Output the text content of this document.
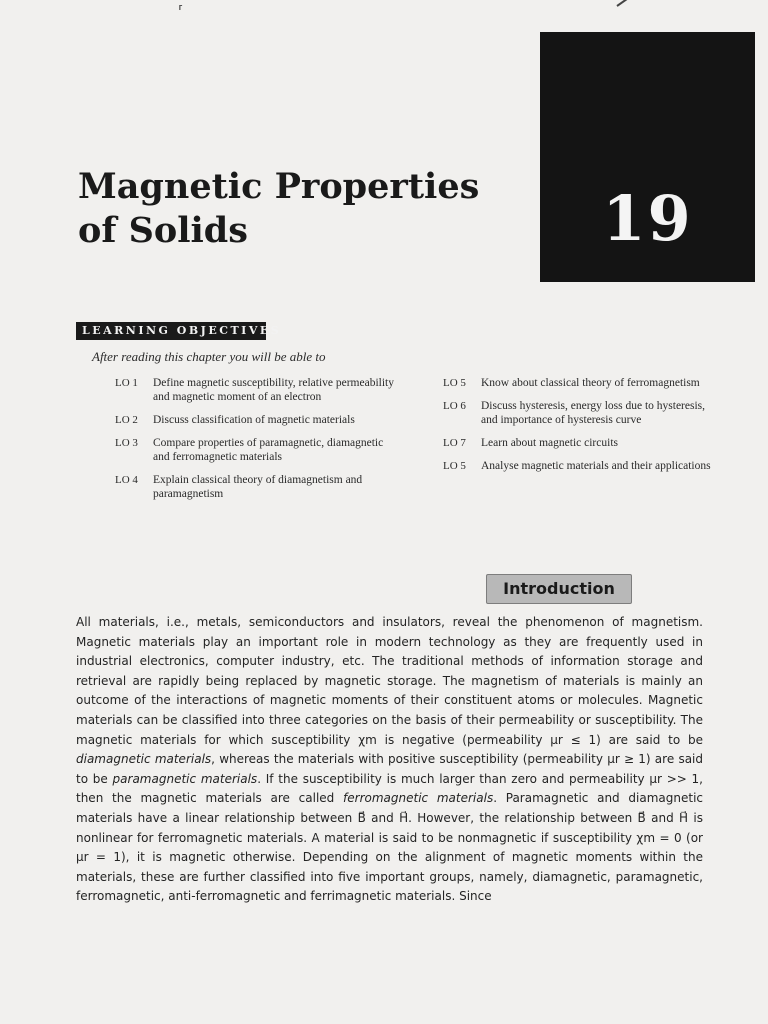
⸢
19
Magnetic Properties
of Solids
LEARNING OBJECTIVES
After reading this chapter you will be able to
LO 1	Define magnetic susceptibility, relative permeability and magnetic moment of an electron
LO 2	Discuss classification of magnetic materials
LO 3	Compare properties of paramagnetic, diamagnetic and ferromagnetic materials
LO 4	Explain classical theory of diamagnetism and paramagnetism
LO 5	Know about classical theory of ferromagnetism
LO 6	Discuss hysteresis, energy loss due to hysteresis, and importance of hysteresis curve
LO 7	Learn about magnetic circuits
LO 5	Analyse magnetic materials and their applications
Introduction

All materials, i.e., metals, semiconductors and insulators, reveal the phenomenon of magnetism. Magnetic materials play an important role in modern technology as they are frequently used in industrial electronics, computer industry, etc. The traditional methods of information storage and retrieval are rapidly being replaced by magnetic storage. The magnetism of materials is mainly an outcome of the interactions of magnetic moments of their constituent atoms or molecules. Magnetic materials can be classified into three categories on the basis of their permeability or susceptibility. The magnetic materials for which susceptibility χm is negative (permeability μr ≤ 1) are said to be diamagnetic materials, whereas the materials with positive susceptibility (permeability μr ≥ 1) are said to be paramagnetic materials. If the susceptibility is much larger than zero and permeability μr >> 1, then the magnetic materials are called ferromagnetic materials. Paramagnetic and diamagnetic materials have a linear relationship between B⃗ and H⃗. However, the relationship between B⃗ and H⃗ is nonlinear for ferromagnetic materials. A material is said to be nonmagnetic if susceptibility χm = 0 (or μr = 1), it is magnetic otherwise. Depending on the alignment of magnetic moments within the materials, these are further classified into five important groups, namely, diamagnetic, paramagnetic, ferromagnetic, anti-ferromagnetic and ferrimagnetic materials. Since
